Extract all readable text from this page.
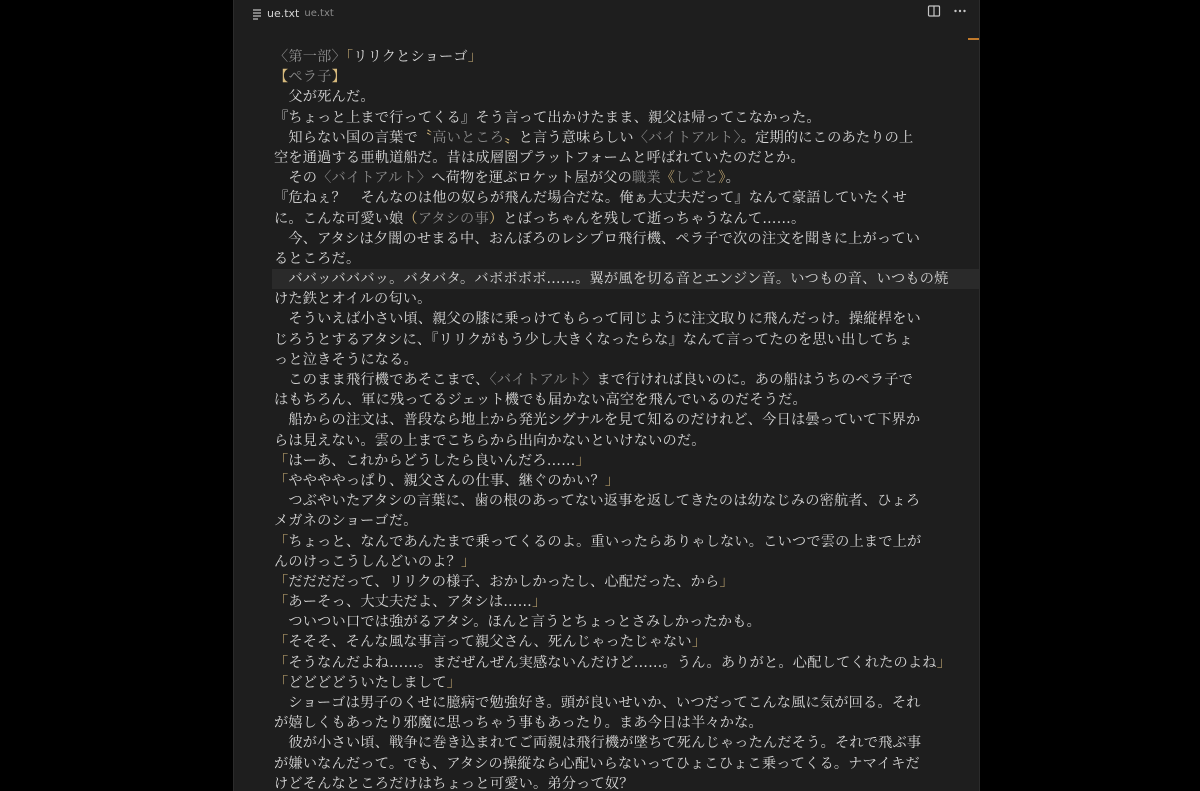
ue.txt ue.txt
〈第一部〉「リリクとショーゴ」
【ペラ子】
　父が死んだ。
『ちょっと上まで行ってくる』そう言って出かけたまま、親父は帰ってこなかった。
　知らない国の言葉で〝高いところ〟と言う意味らしい〈バイトアルト〉。定期的にこのあたりの上
空を通過する亜軌道船だ。昔は成層圏プラットフォームと呼ばれていたのだとか。
　その〈バイトアルト〉へ荷物を運ぶロケット屋が父の職業《しごと》。
『危ねぇ？　そんなのは他の奴らが飛んだ場合だな。俺ぁ大丈夫だって』なんて豪語していたくせ
に。こんな可愛い娘（アタシの事）とばっちゃんを残して逝っちゃうなんて……。
　今、アタシは夕闇のせまる中、おんぼろのレシプロ飛行機、ペラ子で次の注文を聞きに上がってい
るところだ。
　ババッバババッ。バタバタ。バボボボボ……。翼が風を切る音とエンジン音。いつもの音、いつもの焼
けた鉄とオイルの匂い。
　そういえば小さい頃、親父の膝に乗っけてもらって同じように注文取りに飛んだっけ。操縦桿をい
じろうとするアタシに、『リリクがもう少し大きくなったらな』なんて言ってたのを思い出してちょ
っと泣きそうになる。
　このまま飛行機であそこまで、〈バイトアルト〉まで行ければ良いのに。あの船はうちのペラ子で
はもちろん、軍に残ってるジェット機でも届かない高空を飛んでいるのだそうだ。
　船からの注文は、普段なら地上から発光シグナルを見て知るのだけれど、今日は曇っていて下界か
らは見えない。雲の上までこちらから出向かないといけないのだ。
「はーあ、これからどうしたら良いんだろ……」
「ややややっぱり、親父さんの仕事、継ぐのかい？」
　つぶやいたアタシの言葉に、歯の根のあってない返事を返してきたのは幼なじみの密航者、ひょろ
メガネのショーゴだ。
「ちょっと、なんであんたまで乗ってくるのよ。重いったらありゃしない。こいつで雲の上まで上が
んのけっこうしんどいのよ？」
「だだだだって、リリクの様子、おかしかったし、心配だった、から」
「あーそっ、大丈夫だよ、アタシは……」
　ついつい口では強がるアタシ。ほんと言うとちょっとさみしかったかも。
「そそそ、そんな風な事言って親父さん、死んじゃったじゃない」
「そうなんだよね……。まだぜんぜん実感ないんだけど……。うん。ありがと。心配してくれたのよね」
「どどどどういたしまして」
　ショーゴは男子のくせに臆病で勉強好き。頭が良いせいか、いつだってこんな風に気が回る。それ
が嬉しくもあったり邪魔に思っちゃう事もあったり。まあ今日は半々かな。
　彼が小さい頃、戦争に巻き込まれてご両親は飛行機が墜ちて死んじゃったんだそう。それで飛ぶ事
が嫌いなんだって。でも、アタシの操縦なら心配いらないってひょこひょこ乗ってくる。ナマイキだ
けどそんなところだけはちょっと可愛い。弟分って奴？
